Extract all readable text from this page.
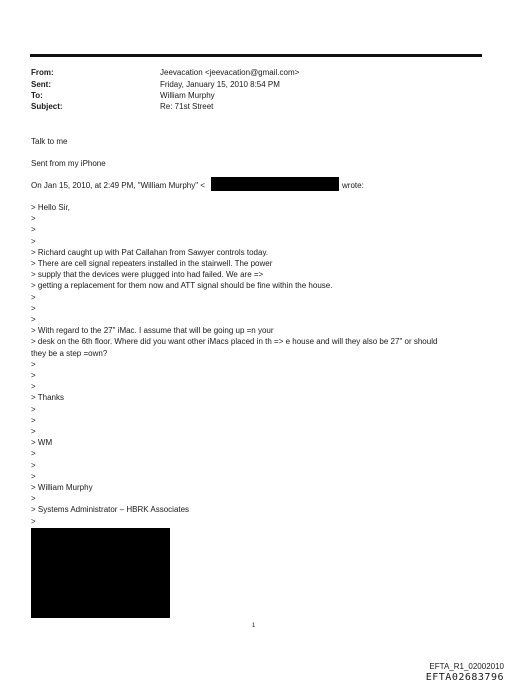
From:	Jeevacation <jeevacation@gmail.com>
Sent:	Friday, January 15, 2010 8:54 PM
To:	William Murphy
Subject:	Re: 71st Street
Talk to me
Sent from my iPhone
On Jan 15, 2010, at 2:49 PM, "William Murphy" <	wrote:
> Hello Sir,
>
>
>
> Richard caught up with Pat Callahan from Sawyer controls today.
> There are cell signal repeaters installed in the stairwell. The power
> supply that the devices were plugged into had failed. We are =>
> getting a replacement for them now and ATT signal should be fine within the house.
>
>
>
> With regard to the 27" iMac. I assume that will be going up =n your
> desk on the 6th floor. Where did you want other iMacs placed in th => e house and will they also be 27" or should
they be a step =own?
>
>
>
> Thanks
>
>
>
> WM
>
>
>
> William Murphy
>
> Systems Administrator – HBRK Associates
>
1
EFTA_R1_02002010
EFTA02683796
